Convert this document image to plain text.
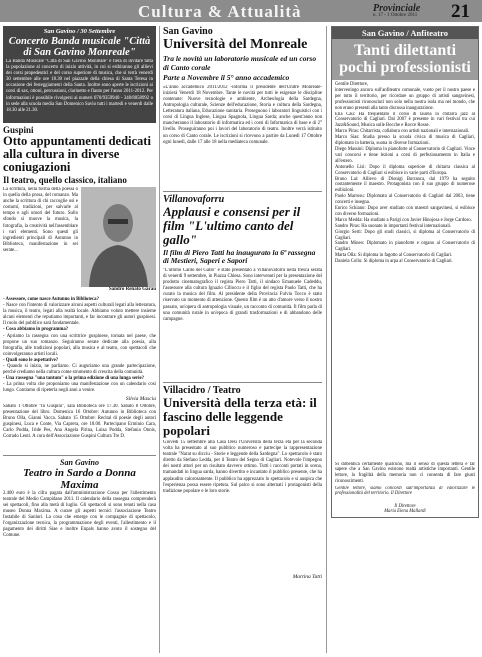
Cultura & Attualità	Provinciale
n. 17 - 1 Ottobre 2011 21
San Gavino / 30 Settembre
Concerto Banda musicale "Città di San Gavino Monreale"

La Banda Musicale "Città di San Gavino Monreale" è fiera di invitare tutta la popolazione al concerto di inizio attività, in cui si esibiranno gli allievi dei corsi propedeutici e del corso superiore di musica, che si terrà venerdì 30 settembre alle ore 18.30 nel piazzale della chiesa di Santa Teresa in occasione dei festeggiamenti della Santa. Inoltre sono aperte le iscrizioni ai corsi di sax, ottoni, percussioni, clarinetto e flauto per l'anno 2011-2012. Per informazioni è possibile rivolgersi ai numeri 070/9359940 - 348/8058992 o in sede alla scuola media San Domenico Savio tutti i martedì e venerdì dalle 18.30 alle 21.30.

Guspini
Otto appuntamenti dedicati alla cultura in diverse coniugazioni
Il teatro, quello classico, italiano

La scrittura, nella forma della poesia o in quella della prosa, del romanzo. Ma anche la scrittura di chi raccoglie usi e costumi, tradizioni, per salvarle al tempo e agli umori del futuro. Sullo sfondo si muove la musica, la fotografia, la creatività nell'assemblare i vari elementi. Sono questi gli ingredienti principali di Autunno in Biblioteca, manifestazione in sei serate...

Sandro Renato Garau

- Assessore, come nasce Autunno in Biblioteca?

- Nasce con l'intento di valorizzare alcuni aspetti culturali legati alla letteratura, la musica, il teatro, legati alla realtà locale. Abbiamo voluto mettere insieme alcuni elementi che reputiamo importanti, e far incontrare gli autori guspinesi. Il ruolo del pubblico sarà fondamentale.

- Cosa abbiamo in programma?

- Apriamo la rassegna con una scrittrice guspinese, tornata nel paese, che propone un suo romanzo. Seguiranno serate dedicate alla poesia, alla fotografia, alle tradizioni popolari, alla musica e al teatro, con spettacoli che coinvolgeranno artisti locali.

- Quali sono le aspettative?

- Quando si inizia, ne parliamo. Ci auguriamo una grande partecipazione, perché crediamo nella cultura come strumento di crescita della comunità.

- Una rassegna "una tantum" o la prima edizione di una lunga serie?

- La prima volta che proponiamo una manifestazione con un calendario così lungo. Contiamo di ripeterla negli anni a venire.

Silvia Mascia

Sabato 1 Ottobre "In Guspini", sala Biblioteca ore 17.30. Sabato 8 Ottobre, presentazione del libro. Domenica 16 Ottobre: Autunno in Biblioteca con Bruno Olla, Gianni Vacca. Sabato 15 Ottobre: Recital di poesie degli autori guspinesi, Luca e Conte, Via Caprera, ore 18.00. Partecipano Erminio Cara, Carlo Podda, Iride Pes, Ana Angela Pirina, Luisa Podda, Stefania Onnis, Corrado Lenti. A cura dell'Associazione Guspini Cultura Tre D.

San Gavino
Teatro in Sardo a Donna Maxima

2.400 euro è la cifra pagata dall'amministrazione Cossu per l'allestimento teatrale del Medio Campidano 2011. Il calendario della rassegna comprenderà sei spettacoli, fino alla metà di luglio. Gli spettacoli si sono tenuti nella casa museo Donna Maxima. A curare gli aspetti tecnici l'associazione Teatro Instabile di Sanluri. La cosa che emerge con le compagnie di spettacolo, l'organizzazione tecnica, la programmazione degli eventi, l'allestimento e il pagamento dei diritti Siae e inoltre Enpals hanno avuto il sostegno del Comune.

San Gavino
Università del Monreale
Tra le novità un laboratorio musicale ed un corso di Canto corale
Parte a Novembre il 5° anno accademico

«L'anno accademico 2011/2012 -informa il presidente dell'Unitre Monreale- inizierà Venerdì 18 Novembre. Tante le novità per tutti le esigenze le discipline contenute: Nuove tecnologie e ambiente, Archeologia della Sardegna, Antropologia culturale, Scienze dell'educazione, Storia e cultura della Sardegna, Letteratura italiana, Educazione sanitaria. Proseguono i laboratori linguistici con i corsi di Lingua Inglese, Lingua Spagnola, Lingua Sarda; anche quest'anno non mancheranno il laboratorio di informatica ed i corsi di Informatica di base e di 2° livello. Proseguiranno poi i lavori del laboratorio di teatro. Inoltre verrà istituito un corso di Canto corale. Le iscrizioni si ricevono a partire da Lunedì 17 Ottobre ogni lunedì, dalle 17 alle 18 nella mediateca comunale.

Villanovaforru
Applausi e consensi per il film "L'ultimo canto del gallo"
Il film di Piero Tatti ha inaugurato la 6ª rassegna di Mestieri, Saperi e Sapori

"L'ultimo Canto del Gallo" è stato presentato a Villanovaforru nella fresca serata di venerdì 9 settembre, in Piazza Chiesa. Sono intervenuti per la presentazione del prodotto cinematografico il regista Piero Tatti, il sindaco Emanuele Cadeddu, l'assessore alla cultura Ignazio Cilloccu e il figlio del regista Paolo Tatti, che ha curato la musica del film. Al presidente della Provincia Fulvio Tocco è stato riservato un momento di attenzione. Questo film è un atto d'amore verso il nostro passato, un'opera di antropologia visuale, un racconto di comunità. Il film parla di una comunità rurale in un'epoca di grandi trasformazioni e di abbandono delle campagne.

Villacidro / Teatro
Università della terza età: il fascino delle leggende popolari

Giovedì 15 settembre alla Casa Desi l'Università della terza età per la seconda volta ha presentato al suo pubblico numeroso e partecipe la rappresentazione teatrale "Narat su dicciu - Storie e leggende della Sardegna". Lo spettacolo è stato diretto da Stefano Ledda, per il Teatro del Segno di Cagliari. Notevole l'impegno dei nostri attori per un risultato davvero ottimo. Tutti i racconti portati in scena, tramandati in lingua sarda, hanno divertito e incantato il pubblico presente, che ha applaudito calorosamente. Il pubblico ha apprezzato lo spettacolo e si auspica che l'esperienza possa essere ripetuta. Sul palco si sono alternati i protagonisti della tradizione popolare e le loro storie.

Martina Tatti
San Gavino / Anfiteatro
Tanti dilettanti pochi professionisti

Gentile Direttore,
interveningo ancora sull'anfiteatro comunale, vuoto per il nostro paese e per tutto il territorio, per ricordare un gruppo di artisti sangavinesi, professionisti riconosciuti non solo nella nostra isola ma nel mondo, che non erano presenti alla tanto discussa inaugurazione.

Elia Cau: Ha frequentato il corso di laurea in chitarra jazz al Conservatorio di Cagliari. Dal 2007 è presente in vari festival tra cui Jazz&Sound, Musica sulle Bocche e Rocce Rosse.
Marco Piras: Chitarrista, collabora con artisti nazionali e internazionali.
Marco Sias: Studia presso la scuola civica di musica di Cagliari, diplomato in batteria, suona in diverse formazioni.
Diego Massini: Diploma in pianoforte al Conservatorio di Cagliari. Vince vari concorsi e tiene lezioni a corsi di perfezionamento in Italia e all'estero.
Antonello Lisi: Dopo il diploma superiore di chitarra classica al Conservatorio di Cagliari si esibisce in varie parti d'Europa.
Bruno Lai: Allievo di Dionigi Burranca, dal 1979 ha seguito costantemente il maestro. Protagonista con il suo gruppo di numerose esibizioni.
Paolo Marrosu: Diplomato al Conservatorio di Cagliari dal 2003, tiene concerti e insegna.
Enrico Schiano: Dopo aver studiato con maestri sangavinesi, si esibisce con diverse formazioni.
Marco Medda: Ha studiato a Parigi con Javier Hinojosa e Jorge Cardoso.
Sandro Piras: Ha suonato in importanti festival internazionali.
Giorgio Serti: Dopo gli studi classici, si diploma al Conservatorio di Cagliari.
Sandro Mineo: Diplomato in pianoforte e organo al Conservatorio di Cagliari.
Marta Olla: Si diploma in fagotto al Conservatorio di Cagliari.
Daniela Collu: Si diploma in arpa al Conservatorio di Cagliari.

Si dimentica certamente qualcuno, ma il senso di questa lettera è far sapere che a San Gavino esistono realtà artistiche importanti. Gentile lettore, la fragilità della memoria non ci consenta di fare giusti riconoscimenti.

Gentile lettore, siamo concordi sull'importanza di valorizzare le professionalità del territorio. Il Direttore

Il Direttore
Maria Elena Mallardi
